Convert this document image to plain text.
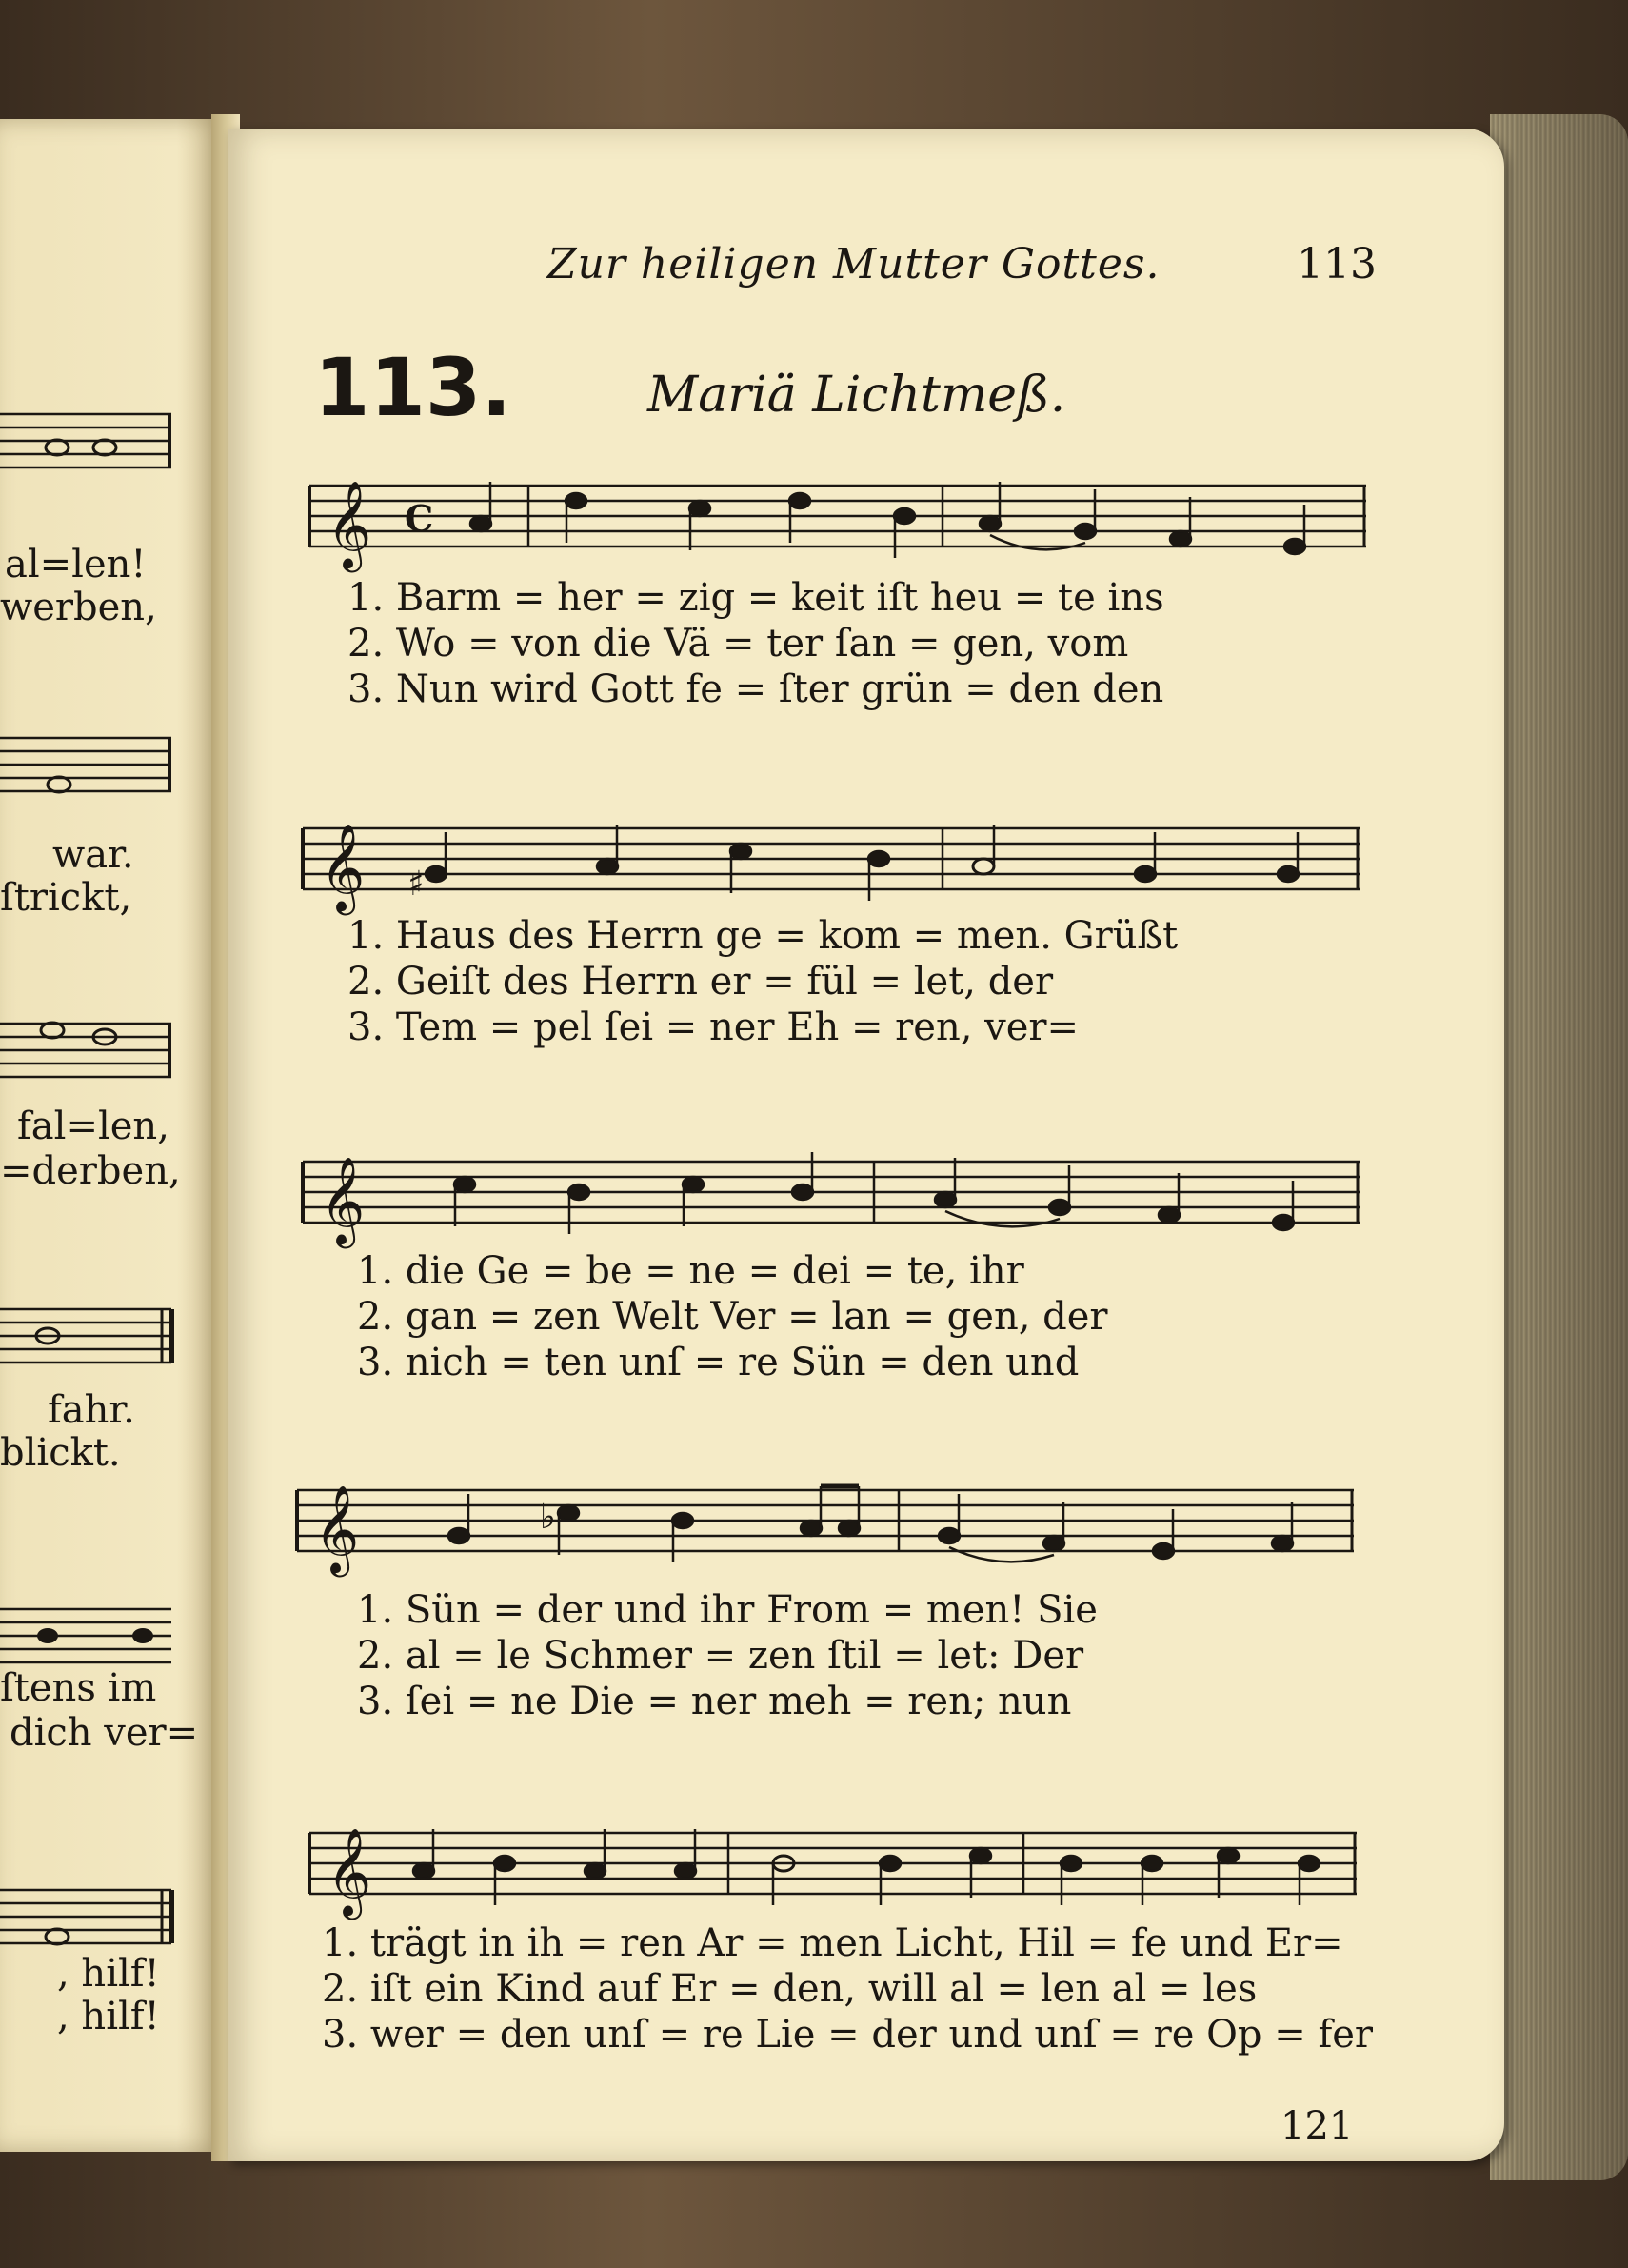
al=len!
werben,
war.
ſtrickt,
fal=len,
=derben,
fahr.
blickt.
ſtens im
dich ver=
, hilf!
, hilf!
Zur heiligen Mutter Gottes.	113
113.	Mariä Lichtmeß.
𝄞 C
1. Barm = her = zig = keit iſt heu = te ins
2. Wo = von die Vä = ter ſan = gen, vom
3. Nun wird Gott fe = ſter grün = den den
𝄞 ♯
1. Haus des Herrn ge = kom = men. Grüßt
2. Geiſt des Herrn er = fül = let, der
3. Tem = pel ſei = ner Eh = ren, ver=
𝄞
1. die Ge = be = ne = dei = te, ihr
2. gan = zen Welt Ver = lan = gen, der
3. nich = ten unſ = re Sün = den und
𝄞	♭
1. Sün = der und ihr From = men! Sie
2. al = le Schmer = zen ſtil = let: Der
3. ſei = ne Die = ner meh = ren; nun
𝄞
1. trägt in ih = ren Ar = men Licht, Hil = fe und Er=
2. iſt ein Kind auf Er = den, will al = len al = les
3. wer = den unſ = re Lie = der und unſ = re Op = fer
121
